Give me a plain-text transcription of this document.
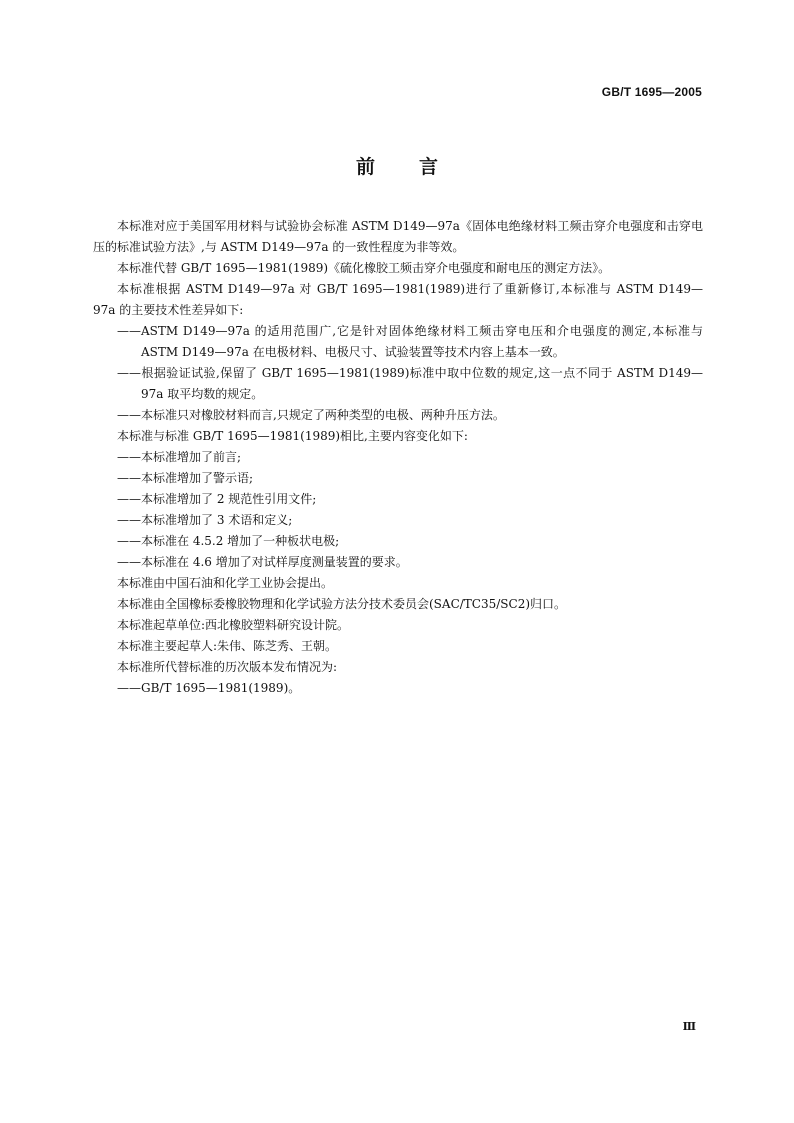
GB/T 1695—2005
前言

本标准对应于美国军用材料与试验协会标准 ASTM D149—97a《固体电绝缘材料工频击穿介电强度和击穿电压的标准试验方法》,与 ASTM D149—97a 的一致性程度为非等效。

本标准代替 GB/T 1695—1981(1989)《硫化橡胶工频击穿介电强度和耐电压的测定方法》。

本标准根据 ASTM D149—97a 对 GB/T 1695—1981(1989)进行了重新修订,本标准与 ASTM D149—97a 的主要技术性差异如下:

——ASTM D149—97a 的适用范围广,它是针对固体绝缘材料工频击穿电压和介电强度的测定,本标准与 ASTM D149—97a 在电极材料、电极尺寸、试验装置等技术内容上基本一致。

——根据验证试验,保留了 GB/T 1695—1981(1989)标准中取中位数的规定,这一点不同于 ASTM D149—97a 取平均数的规定。

——本标准只对橡胶材料而言,只规定了两种类型的电极、两种升压方法。

本标准与标准 GB/T 1695—1981(1989)相比,主要内容变化如下:

——本标准增加了前言;

——本标准增加了警示语;

——本标准增加了 2 规范性引用文件;

——本标准增加了 3 术语和定义;

——本标准在 4.5.2 增加了一种板状电极;

——本标准在 4.6 增加了对试样厚度测量装置的要求。

本标准由中国石油和化学工业协会提出。

本标准由全国橡标委橡胶物理和化学试验方法分技术委员会(SAC/TC35/SC2)归口。

本标准起草单位:西北橡胶塑料研究设计院。

本标准主要起草人:朱伟、陈芝秀、王朝。

本标准所代替标准的历次版本发布情况为:

——GB/T 1695—1981(1989)。

Ⅲ
